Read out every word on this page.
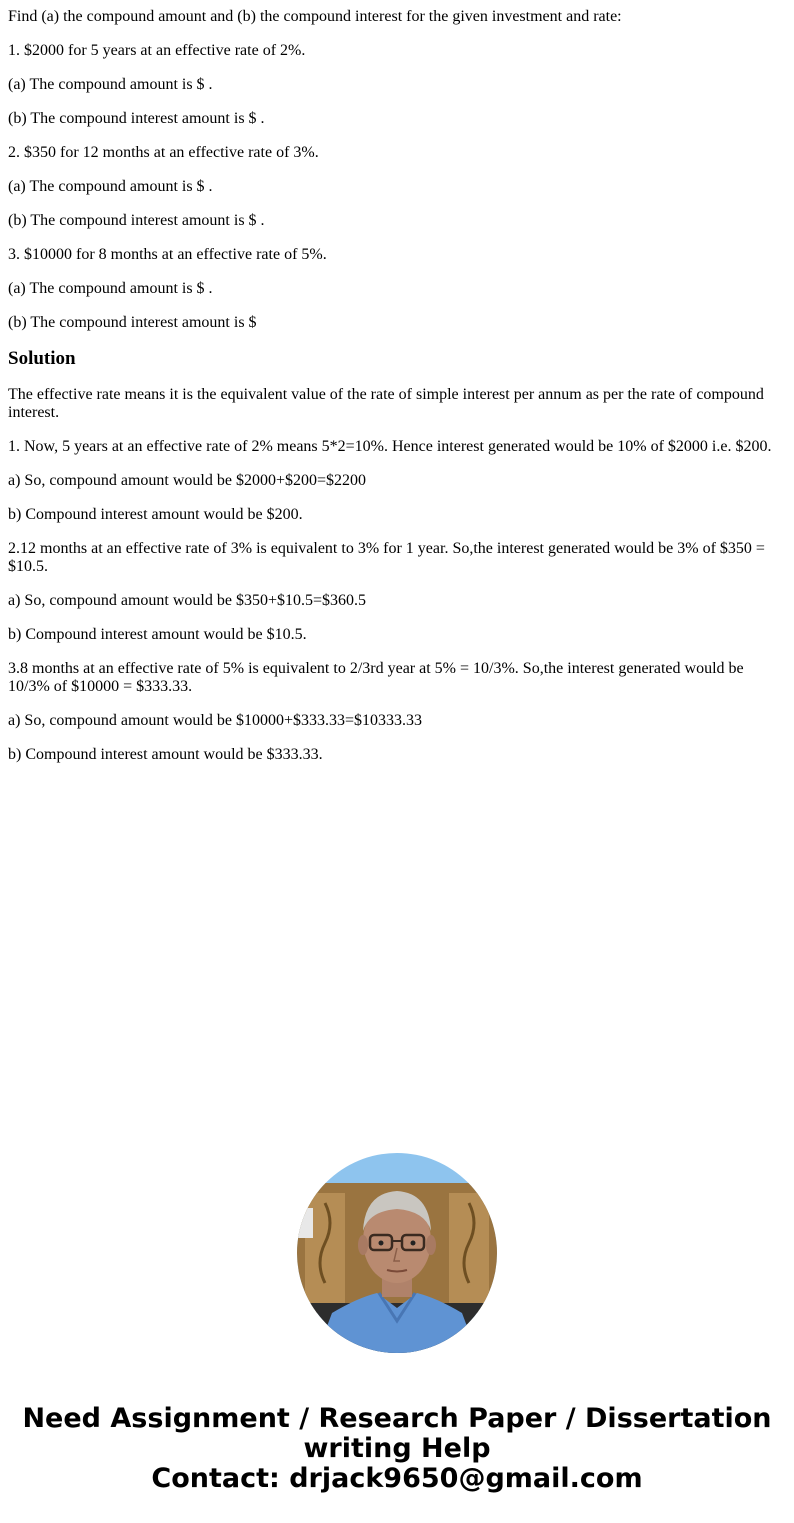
Find (a) the compound amount and (b) the compound interest for the given investment and rate:

1. $2000 for 5 years at an effective rate of 2%.

(a) The compound amount is $ .

(b) The compound interest amount is $ .

2. $350 for 12 months at an effective rate of 3%.

(a) The compound amount is $ .

(b) The compound interest amount is $ .

3. $10000 for 8 months at an effective rate of 5%.

(a) The compound amount is $ .

(b) The compound interest amount is $

Solution

The effective rate means it is the equivalent value of the rate of simple interest per annum as per the rate of compound interest.

1. Now, 5 years at an effective rate of 2% means 5*2=10%. Hence interest generated would be 10% of $2000 i.e. $200.

a) So, compound amount would be $2000+$200=$2200

b) Compound interest amount would be $200.

2.12 months at an effective rate of 3% is equivalent to 3% for 1 year. So,the interest generated would be 3% of $350 = $10.5.

a) So, compound amount would be $350+$10.5=$360.5

b) Compound interest amount would be $10.5.

3.8 months at an effective rate of 5% is equivalent to 2/3rd year at 5% = 10/3%. So,the interest generated would be 10/3% of $10000 = $333.33.

a) So, compound amount would be $10000+$333.33=$10333.33

b) Compound interest amount would be $333.33.

Need Assignment / Research Paper / Dissertation
writing Help
Contact: drjack9650@gmail.com
